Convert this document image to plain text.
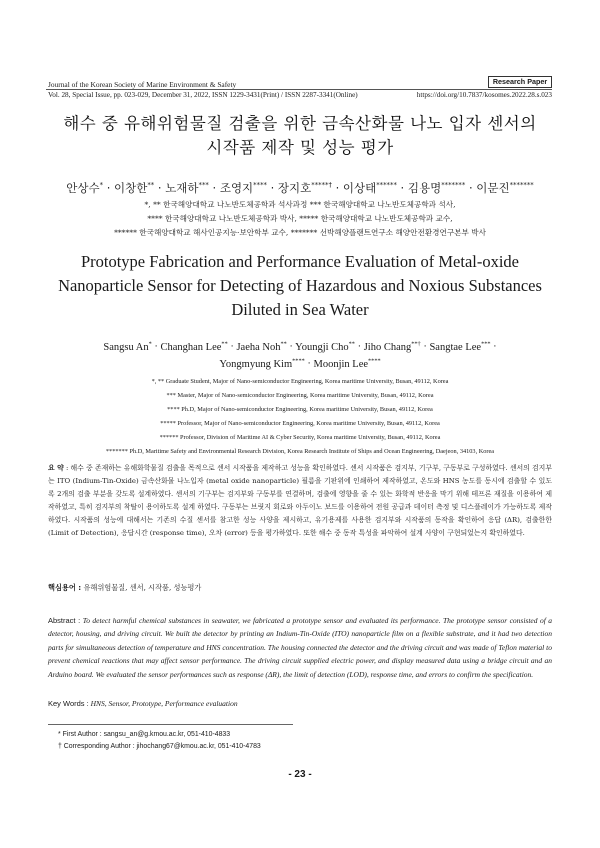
Journal of the Korean Society of Marine Environment & Safety	Research Paper
Vol. 28, Special Issue, pp. 023-029, December 31, 2022, ISSN 1229-3431(Print) / ISSN 2287-3341(Online)	https://doi.org/10.7837/kosomes.2022.28.s.023
해수 중 유해위험물질 검출을 위한 금속산화물 나노 입자 센서의
시작품 제작 및 성능 평가
안상수* · 이창한** · 노재하*** · 조영지**** · 장지호*****† · 이상태****** · 김용명******* · 이문진*******
*, ** 한국해양대학교 나노반도체공학과 석사과정 *** 한국해양대학교 나노반도체공학과 석사,
**** 한국해양대학교 나노반도체공학과 박사, ***** 한국해양대학교 나노반도체공학과 교수,
****** 한국해양대학교 해사인공지능·보안학부 교수, ******* 선박해양플랜트연구소 해양안전환경연구본부 박사
Prototype Fabrication and Performance Evaluation of Metal-oxide
Nanoparticle Sensor for Detecting of Hazardous and Noxious Substances
Diluted in Sea Water
Sangsu An* · Changhan Lee** · Jaeha Noh** · Youngji Cho** · Jiho Chang**† · Sangtae Lee*** ·
Yongmyung Kim**** · Moonjin Lee****
*, ** Graduate Student, Major of Nano-semiconductor Engineering, Korea maritime University, Busan, 49112, Korea
*** Master, Major of Nano-semiconductor Engineering, Korea maritime University, Busan, 49112, Korea
**** Ph.D, Major of Nano-semiconductor Engineering, Korea maritime University, Busan, 49112, Korea
***** Professor, Major of Nano-semiconductor Engineering, Korea maritime University, Busan, 49112, Korea
****** Professor, Division of Maritime AI & Cyber Security, Korea maritime University, Busan, 49112, Korea
******* Ph.D, Maritime Safety and Environmental Research Division, Korea Research Institute of Ships and Ocean Engineering, Daejeon, 34103, Korea
요 약 : 해수 중 존재하는 유해화학물질 검출을 목적으로 센서 시작품을 제작하고 성능을 확인하였다. 센서 시작품은 검지부, 기구부, 구동부로 구성하였다. 센서의 검지부는 ITO (Indium-Tin-Oxide) 금속산화물 나노입자 (metal oxide nanoparticle) 필름을 기판위에 인쇄하여 제작하였고, 온도와 HNS 농도를 동시에 검출할 수 있도록 2개의 검출 부분을 갖도록 설계하였다. 센서의 기구부는 검지부와 구동부를 연결하며, 검출에 영향을 줄 수 있는 화학적 반응을 막기 위해 테프론 재질을 이용하여 제작하였고, 특히 검지부의 착탈이 용이하도록 설계 하였다. 구동부는 브릿지 회로와 아두이노 보드를 이용하여 전원 공급과 데이터 측정 및 디스플레이가 가능하도록 제작하였다. 시작품의 성능에 대해서는 기존의 수질 센서를 참고한 성능 사양을 제시하고, 유기용제를 사용한 검지부와 시작품의 동작을 확인하여 응답 (ΔR), 검출한한 (Limit of Detection), 응답시간 (response time), 오차 (error) 등을 평가하였다. 또한 해수 중 동작 특성을 파악하여 설계 사양이 구현되었는지 확인하였다.
핵심용어 : 유해위험물질, 센서, 시작품, 성능평가
Abstract : To detect harmful chemical substances in seawater, we fabricated a prototype sensor and evaluated its performance. The prototype sensor consisted of a detector, housing, and driving circuit. We built the detector by printing an Indium-Tin-Oxide (ITO) nanoparticle film on a flexible substrate, and it had two detection parts for simultaneous detection of temperature and HNS concentration. The housing connected the detector and the driving circuit and was made of Teflon material to prevent chemical reactions that may affect sensor performance. The driving circuit supplied electric power, and display measured data using a bridge circuit and an Arduino board. We evaluated the sensor performances such as response (ΔR), the limit of detection (LOD), response time, and errors to confirm the specification.
Key Words : HNS, Sensor, Prototype, Performance evaluation
* First Author : sangsu_an@g.kmou.ac.kr, 051-410-4833
† Corresponding Author : jihochang67@kmou.ac.kr, 051-410-4783
- 23 -
